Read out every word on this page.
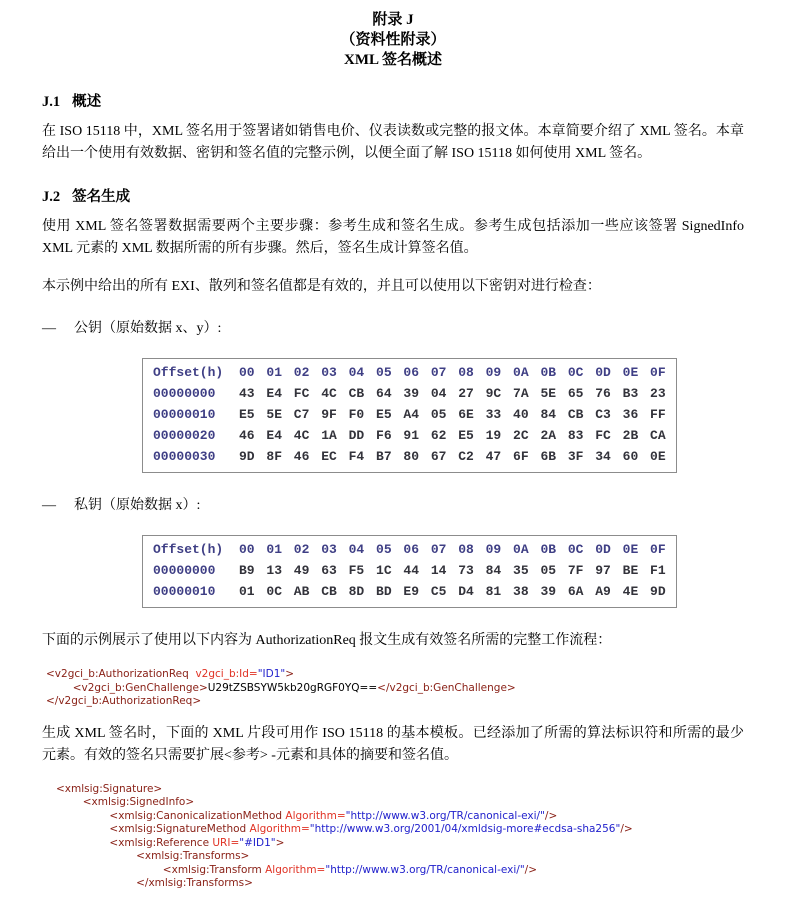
附录 J
（资料性附录）
XML 签名概述
J.1 概述

在 ISO 15118 中，XML 签名用于签署诸如销售电价、仪表读数或完整的报文体。本章简要介绍了 XML 签名。本章给出一个使用有效数据、密钥和签名值的完整示例，以便全面了解 ISO 15118 如何使用 XML 签名。

J.2 签名生成

使用 XML 签名签署数据需要两个主要步骤：参考生成和签名生成。参考生成包括添加一些应该签署 SignedInfo XML 元素的 XML 数据所需的所有步骤。然后，签名生成计算签名值。

本示例中给出的所有 EXI、散列和签名值都是有效的，并且可以使用以下密钥对进行检查：

— 公钥（原始数据 x、y）:
Offset(h) 00 01 02 03 04 05 06 07 08 09 0A 0B 0C 0D 0E 0F
00000000 43 E4 FC 4C CB 64 39 04 27 9C 7A 5E 65 76 B3 23
00000010 E5 5E C7 9F F0 E5 A4 05 6E 33 40 84 CB C3 36 FF
00000020 46 E4 4C 1A DD F6 91 62 E5 19 2C 2A 83 FC 2B CA
00000030 9D 8F 46 EC F4 B7 80 67 C2 47 6F 6B 3F 34 60 0E
— 私钥（原始数据 x）:
Offset(h) 00 01 02 03 04 05 06 07 08 09 0A 0B 0C 0D 0E 0F
00000000 B9 13 49 63 F5 1C 44 14 73 84 35 05 7F 97 BE F1
00000010 01 0C AB CB 8D BD E9 C5 D4 81 38 39 6A A9 4E 9D

下面的示例展示了使用以下内容为 AuthorizationReq 报文生成有效签名所需的完整工作流程：

<v2gci_b:AuthorizationReq  v2gci_b:Id="ID1">
<v2gci_b:GenChallenge>U29tZSBSYW5kb20gRGF0YQ==</v2gci_b:GenChallenge>
</v2gci_b:AuthorizationReq>

生成 XML 签名时，下面的 XML 片段可用作 ISO 15118 的基本模板。已经添加了所需的算法标识符和所需的最少元素。有效的签名只需要扩展<参考> -元素和具体的摘要和签名值。

<xmlsig:Signature>
<xmlsig:SignedInfo>
<xmlsig:CanonicalizationMethod Algorithm="http://www.w3.org/TR/canonical-exi/"/>
<xmlsig:SignatureMethod Algorithm="http://www.w3.org/2001/04/xmldsig-more#ecdsa-sha256"/>
<xmlsig:Reference URI="#ID1">
<xmlsig:Transforms>
<xmlsig:Transform Algorithm="http://www.w3.org/TR/canonical-exi/"/>
</xmlsig:Transforms>
